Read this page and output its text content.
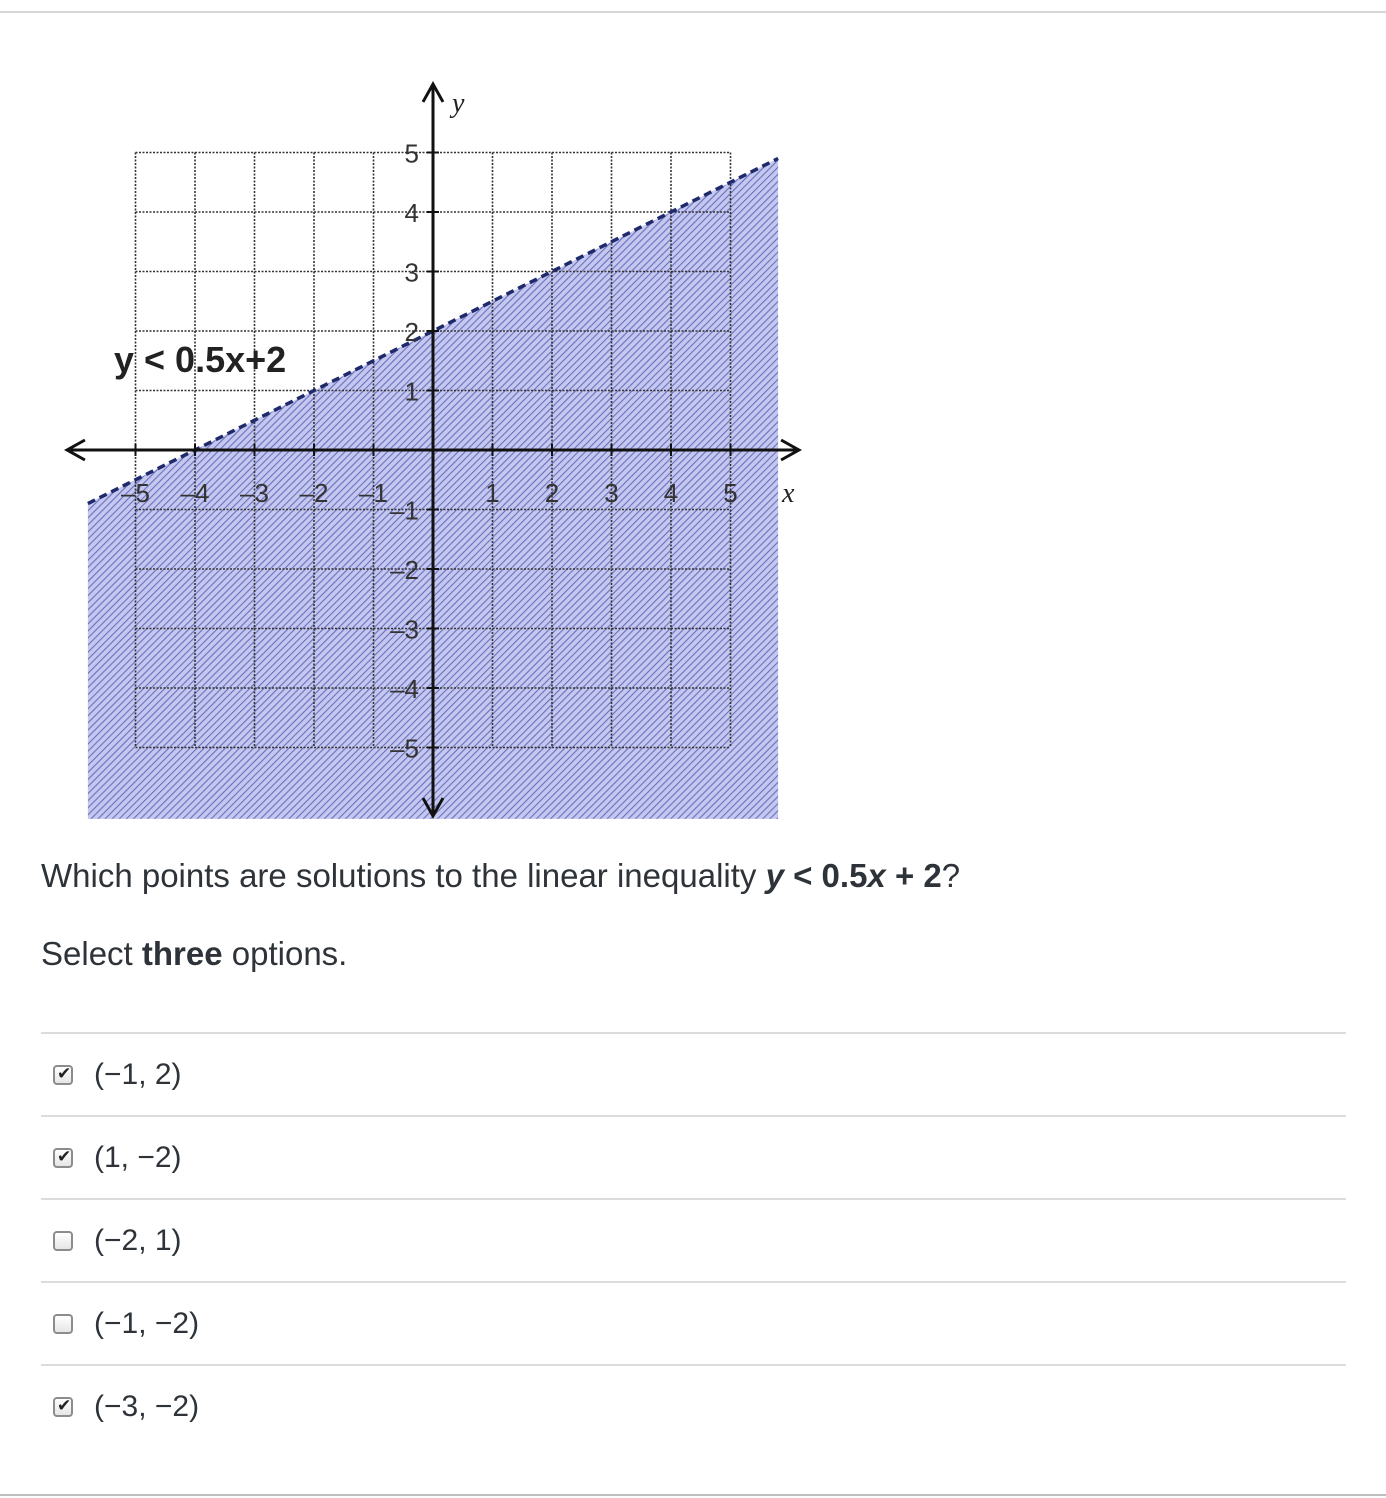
–5 –4 –3 –2 –1	1 2 3 4 5
5
4
3
2
1
–1
–2
–3
–4
–5
y < 0.5x+2
x
y
Which points are solutions to the linear inequality y < 0.5x + 2?
Select three options.
✔
(−1, 2)
✔
(1, −2)
(−2, 1)
(−1, −2)
✔
(−3, −2)
